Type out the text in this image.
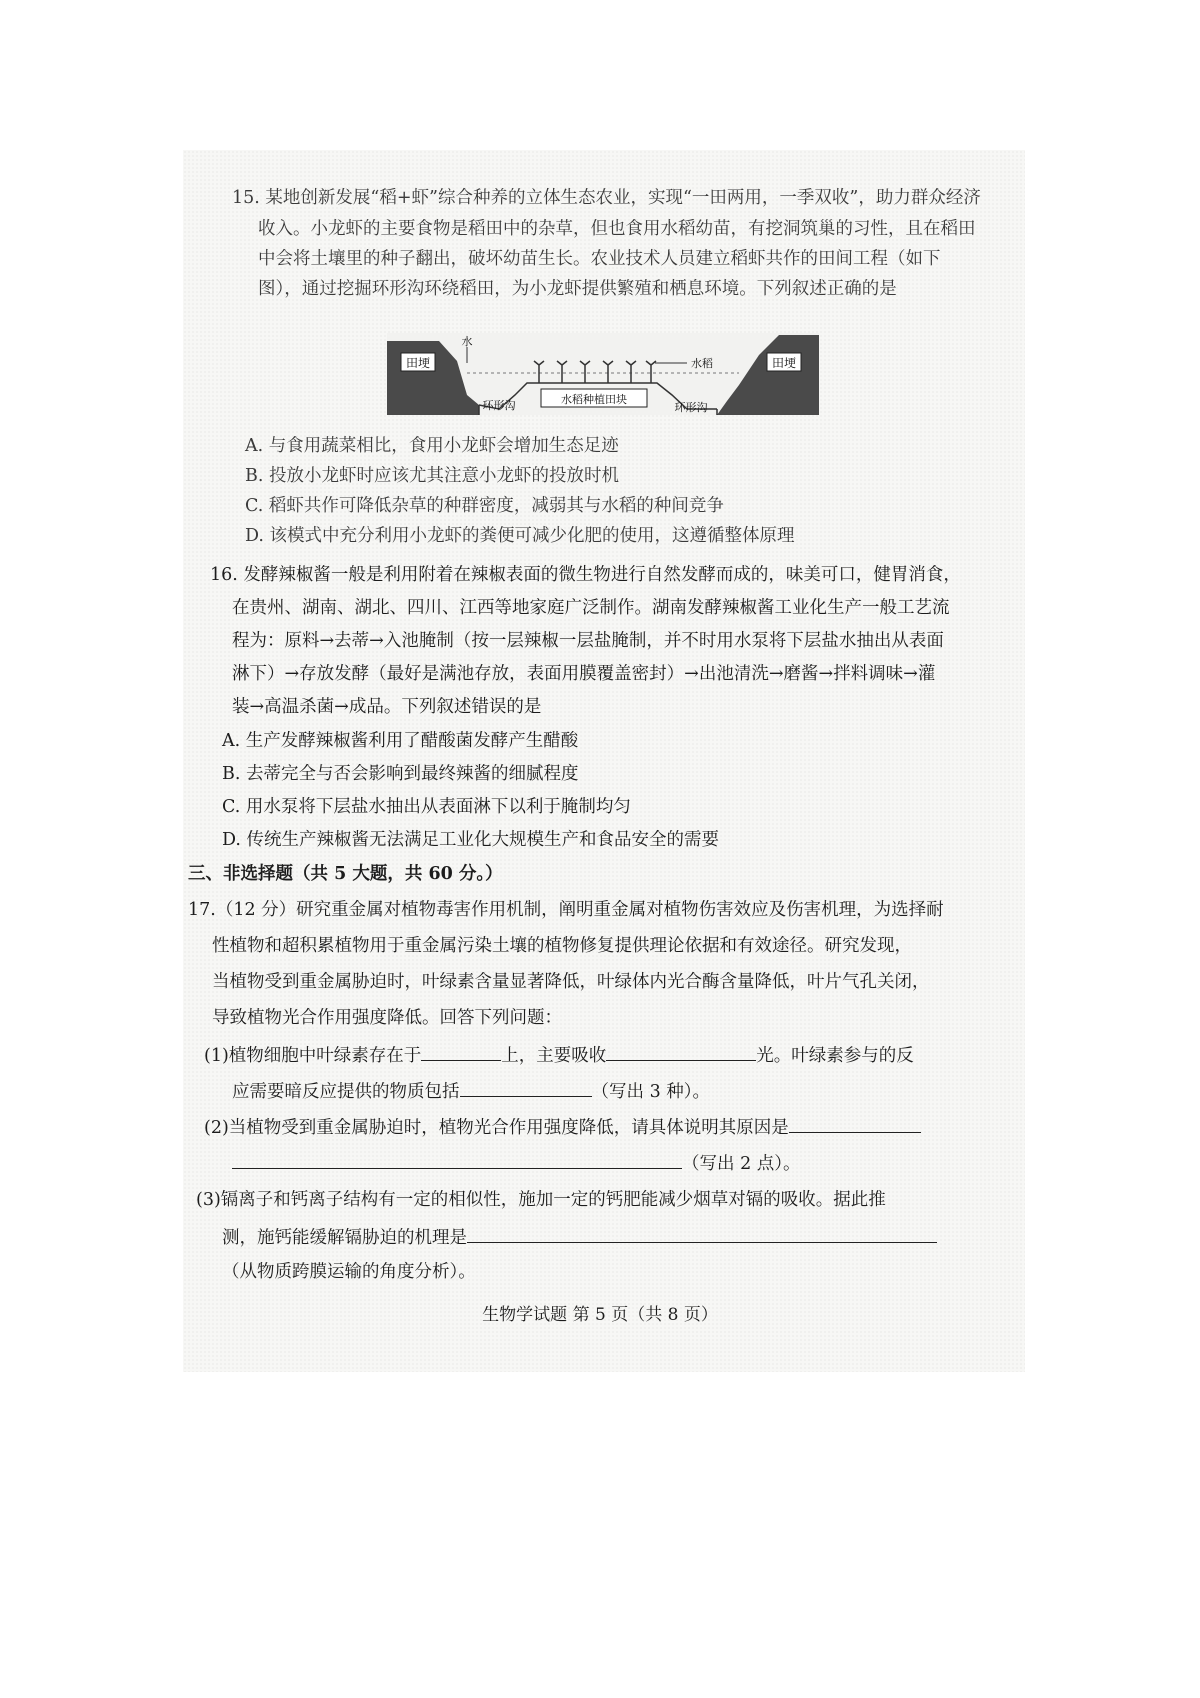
15. 某地创新发展“稻+虾”综合种养的立体生态农业，实现“一田两用，一季双收”，助力群众经济
收入。小龙虾的主要食物是稻田中的杂草，但也食用水稻幼苗，有挖洞筑巢的习性，且在稻田
中会将土壤里的种子翻出，破坏幼苗生长。农业技术人员建立稻虾共作的田间工程（如下
图），通过挖掘环形沟环绕稻田，为小龙虾提供繁殖和栖息环境。下列叙述正确的是
田埂	田埂
水
水稻
水稻种植田块
环形沟	环形沟
A. 与食用蔬菜相比，食用小龙虾会增加生态足迹
B. 投放小龙虾时应该尤其注意小龙虾的投放时机
C. 稻虾共作可降低杂草的种群密度，减弱其与水稻的种间竞争
D. 该模式中充分利用小龙虾的粪便可减少化肥的使用，这遵循整体原理
16. 发酵辣椒酱一般是利用附着在辣椒表面的微生物进行自然发酵而成的，味美可口，健胃消食，
在贵州、湖南、湖北、四川、江西等地家庭广泛制作。湖南发酵辣椒酱工业化生产一般工艺流
程为：原料→去蒂→入池腌制（按一层辣椒一层盐腌制，并不时用水泵将下层盐水抽出从表面
淋下）→存放发酵（最好是满池存放，表面用膜覆盖密封）→出池清洗→磨酱→拌料调味→灌
装→高温杀菌→成品。下列叙述错误的是
A. 生产发酵辣椒酱利用了醋酸菌发酵产生醋酸
B. 去蒂完全与否会影响到最终辣酱的细腻程度
C. 用水泵将下层盐水抽出从表面淋下以利于腌制均匀
D. 传统生产辣椒酱无法满足工业化大规模生产和食品安全的需要
三、非选择题（共 5 大题，共 60 分。）
17.（12 分）研究重金属对植物毒害作用机制，阐明重金属对植物伤害效应及伤害机理，为选择耐
性植物和超积累植物用于重金属污染土壤的植物修复提供理论依据和有效途径。研究发现，
当植物受到重金属胁迫时，叶绿素含量显著降低，叶绿体内光合酶含量降低，叶片气孔关闭，
导致植物光合作用强度降低。回答下列问题：
(1)植物细胞中叶绿素存在于	上，主要吸收	光。叶绿素参与的反
应需要暗反应提供的物质包括	（写出 3 种）。
(2)当植物受到重金属胁迫时，植物光合作用强度降低，请具体说明其原因是
（写出 2 点）。
(3)镉离子和钙离子结构有一定的相似性，施加一定的钙肥能减少烟草对镉的吸收。据此推
测，施钙能缓解镉胁迫的机理是
（从物质跨膜运输的角度分析）。
生物学试题 第 5 页（共 8 页）
